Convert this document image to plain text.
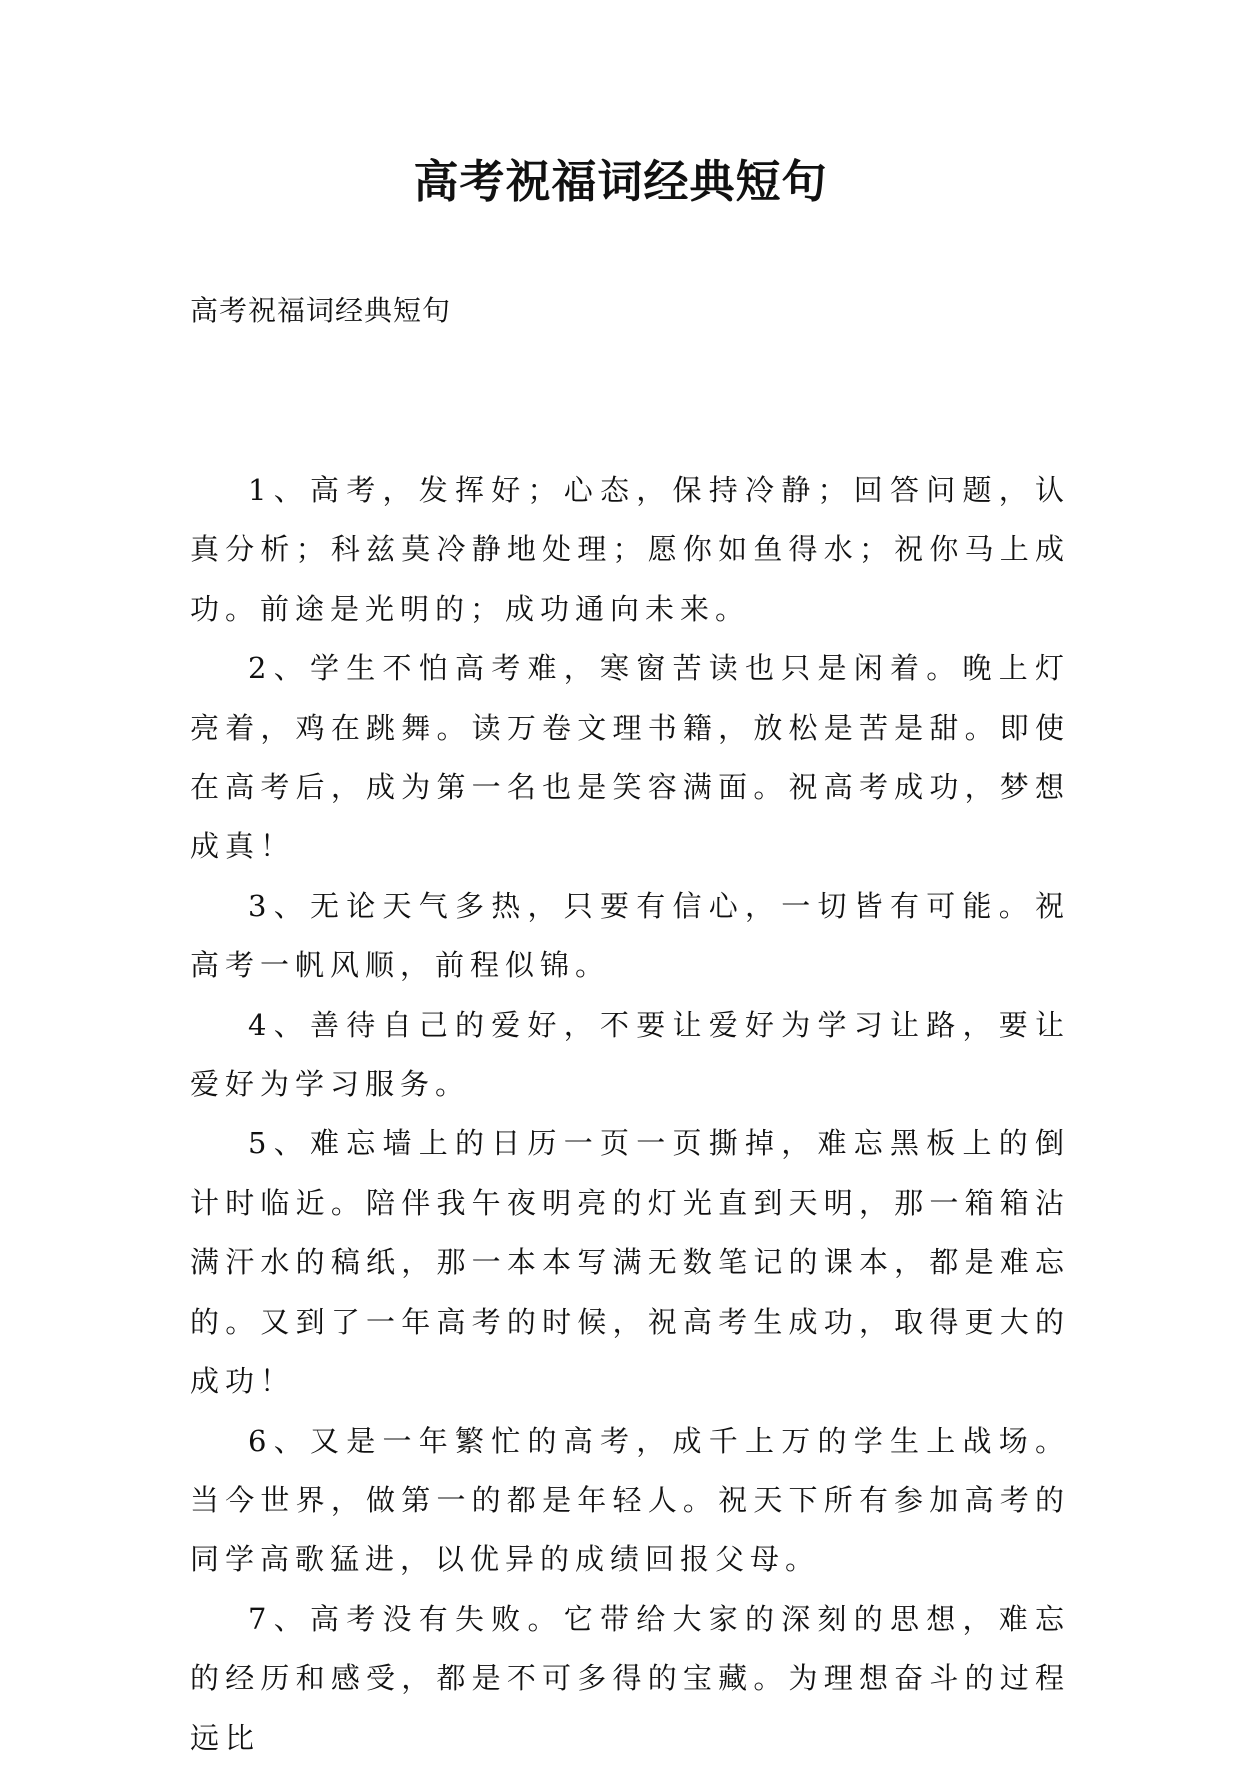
高考祝福词经典短句
高考祝福词经典短句

1、高考，发挥好；心态，保持冷静；回答问题，认真分析；科兹莫冷静地处理；愿你如鱼得水；祝你马上成功。前途是光明的；成功通向未来。

2、学生不怕高考难，寒窗苦读也只是闲着。晚上灯亮着，鸡在跳舞。读万卷文理书籍，放松是苦是甜。即使在高考后，成为第一名也是笑容满面。祝高考成功，梦想成真！

3、无论天气多热，只要有信心，一切皆有可能。祝高考一帆风顺，前程似锦。

4、善待自己的爱好，不要让爱好为学习让路，要让爱好为学习服务。

5、难忘墙上的日历一页一页撕掉，难忘黑板上的倒计时临近。陪伴我午夜明亮的灯光直到天明，那一箱箱沾满汗水的稿纸，那一本本写满无数笔记的课本，都是难忘的。又到了一年高考的时候，祝高考生成功，取得更大的成功！

6、又是一年繁忙的高考，成千上万的学生上战场。当今世界，做第一的都是年轻人。祝天下所有参加高考的同学高歌猛进，以优异的成绩回报父母。

7、高考没有失败。它带给大家的深刻的思想，难忘的经历和感受，都是不可多得的宝藏。为理想奋斗的过程远比
